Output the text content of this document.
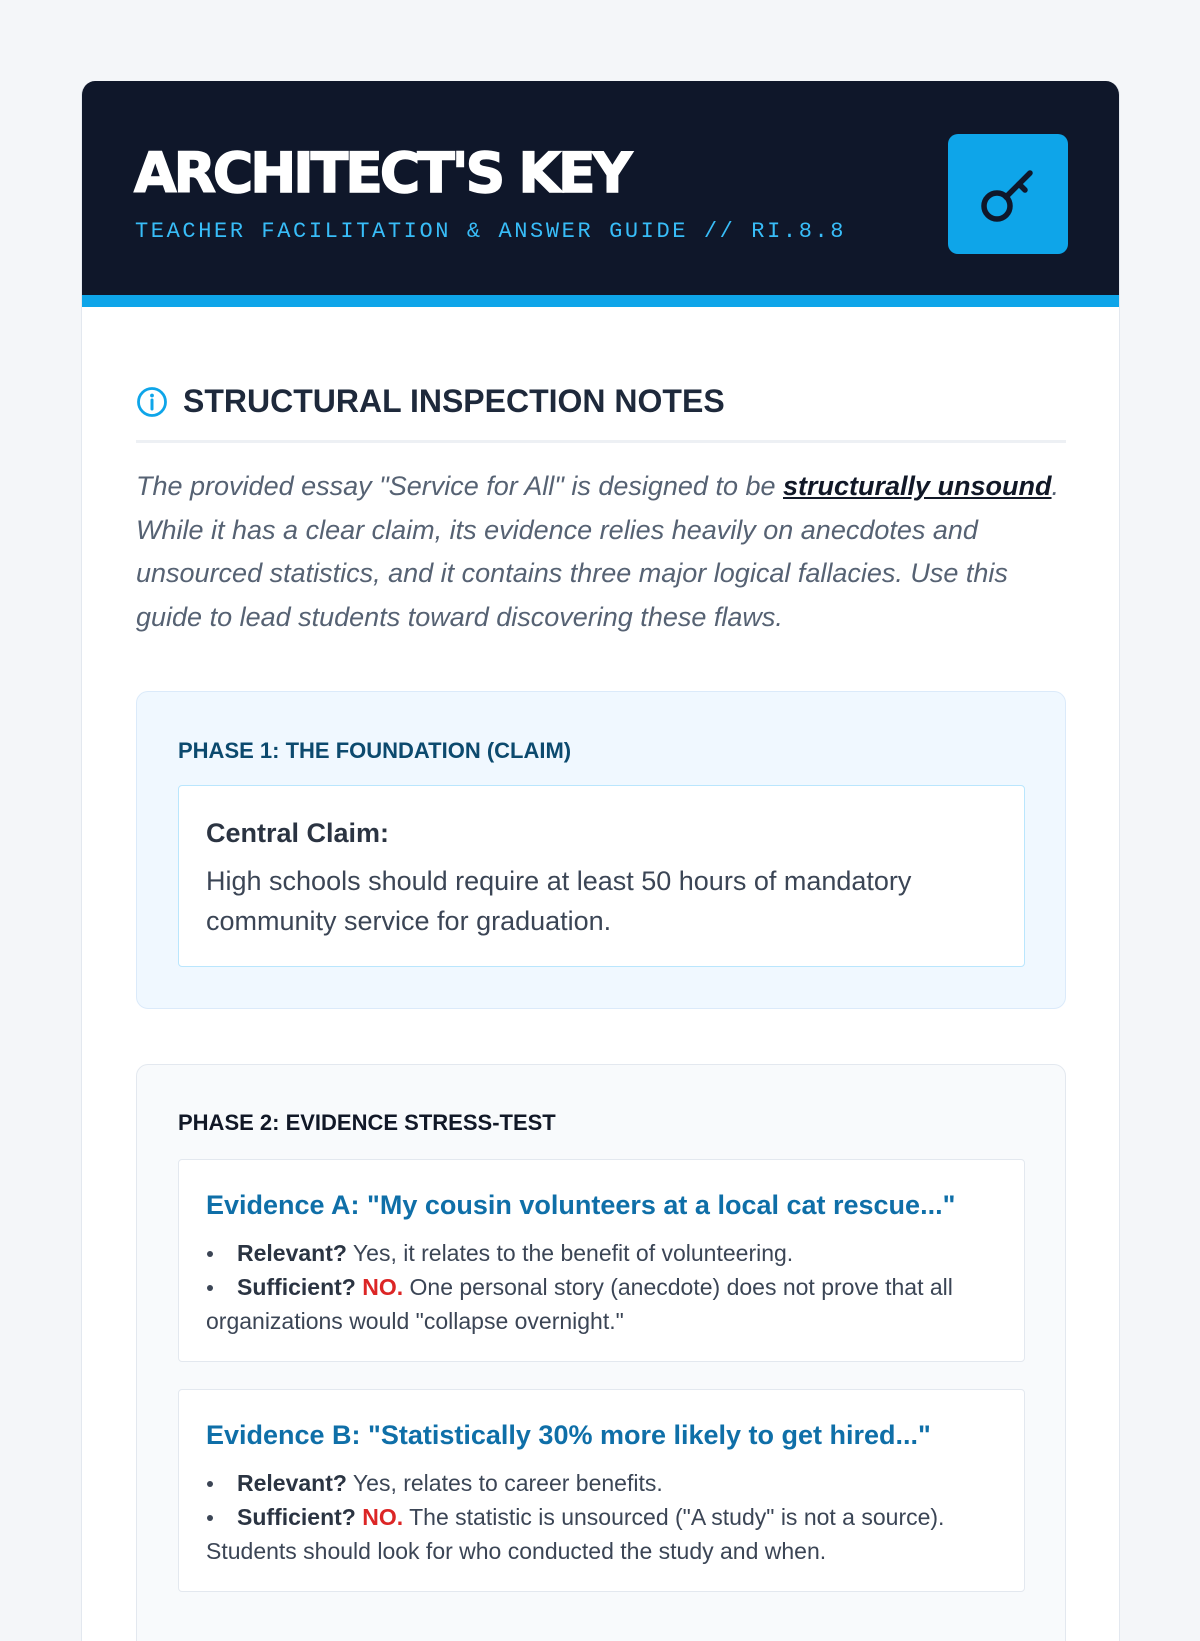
ARCHITECT'S KEY
TEACHER FACILITATION & ANSWER GUIDE // RI.8.8
STRUCTURAL INSPECTION NOTES

The provided essay "Service for All" is designed to be structurally unsound. While it has a clear claim, its evidence relies heavily on anecdotes and unsourced statistics, and it contains three major logical fallacies. Use this guide to lead students toward discovering these flaws.

PHASE 1: THE FOUNDATION (CLAIM)
Central Claim:
High schools should require at least 50 hours of mandatory community service for graduation.
PHASE 2: EVIDENCE STRESS-TEST
Evidence A: "My cousin volunteers at a local cat rescue..."
Relevant? Yes, it relates to the benefit of volunteering.
Sufficient? NO. One personal story (anecdote) does not prove that all
organizations would "collapse overnight."
Evidence B: "Statistically 30% more likely to get hired..."
Relevant? Yes, relates to career benefits.
Sufficient? NO. The statistic is unsourced ("A study" is not a source).
Students should look for who conducted the study and when.
